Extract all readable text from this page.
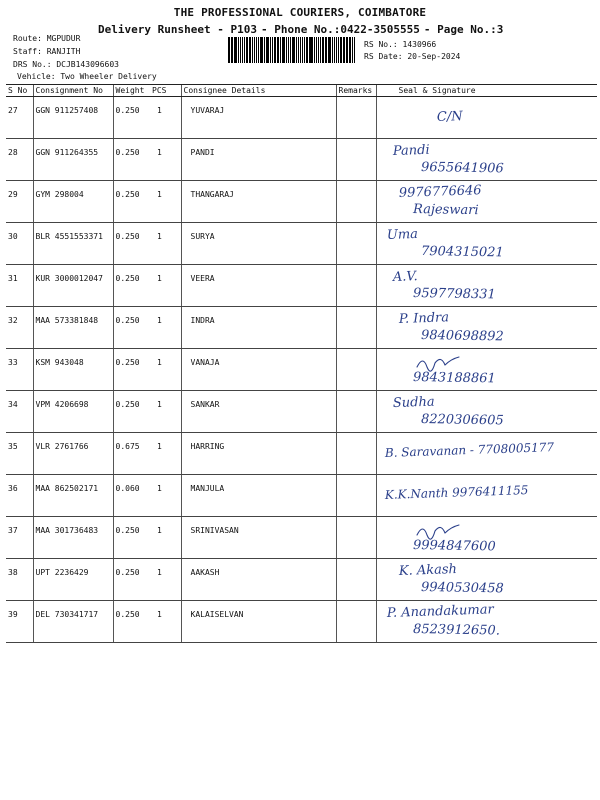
THE PROFESSIONAL COURIERS, COIMBATORE
Delivery Runsheet - P103 - Phone No.:0422-3505555 - Page No.:3
Route: MGPUDUR
Staff: RANJITH
DRS No.: DCJB143096603
Vehicle: Two Wheeler Delivery
RS No.: 1430966
RS Date: 20-Sep-2024
S No	Consignment No	Weight	PCS	Consignee Details	Remarks	Seal & Signature
27	GGN 911257408	0.250	1	YUVARAJ		C/N

28	GGN 911264355	0.250	1	PANDI		Pandi
9655641906

29	GYM 298004	0.250	1	THANGARAJ		9976776646
Rajeswari

30	BLR 4551553371	0.250	1	SURYA		Uma
7904315021

31	KUR 3000012047	0.250	1	VEERA		A.V.
9597798331

32	MAA 573381848	0.250	1	INDRA		P. Indra
9840698892

33	KSM 943048	0.250	1	VANAJA		9843188861

34	VPM 4206698	0.250	1	SANKAR		Sudha
8220306605

35	VLR 2761766	0.675	1	HARRING		B. Saravanan - 7708005177

36	MAA 862502171	0.060	1	MANJULA		K.K.Nanth 9976411155

37	MAA 301736483	0.250	1	SRINIVASAN		9994847600

38	UPT 2236429	0.250	1	AAKASH		K. Akash
9940530458

39	DEL 730341717	0.250	1	KALAISELVAN		P. Anandakumar
8523912650.
